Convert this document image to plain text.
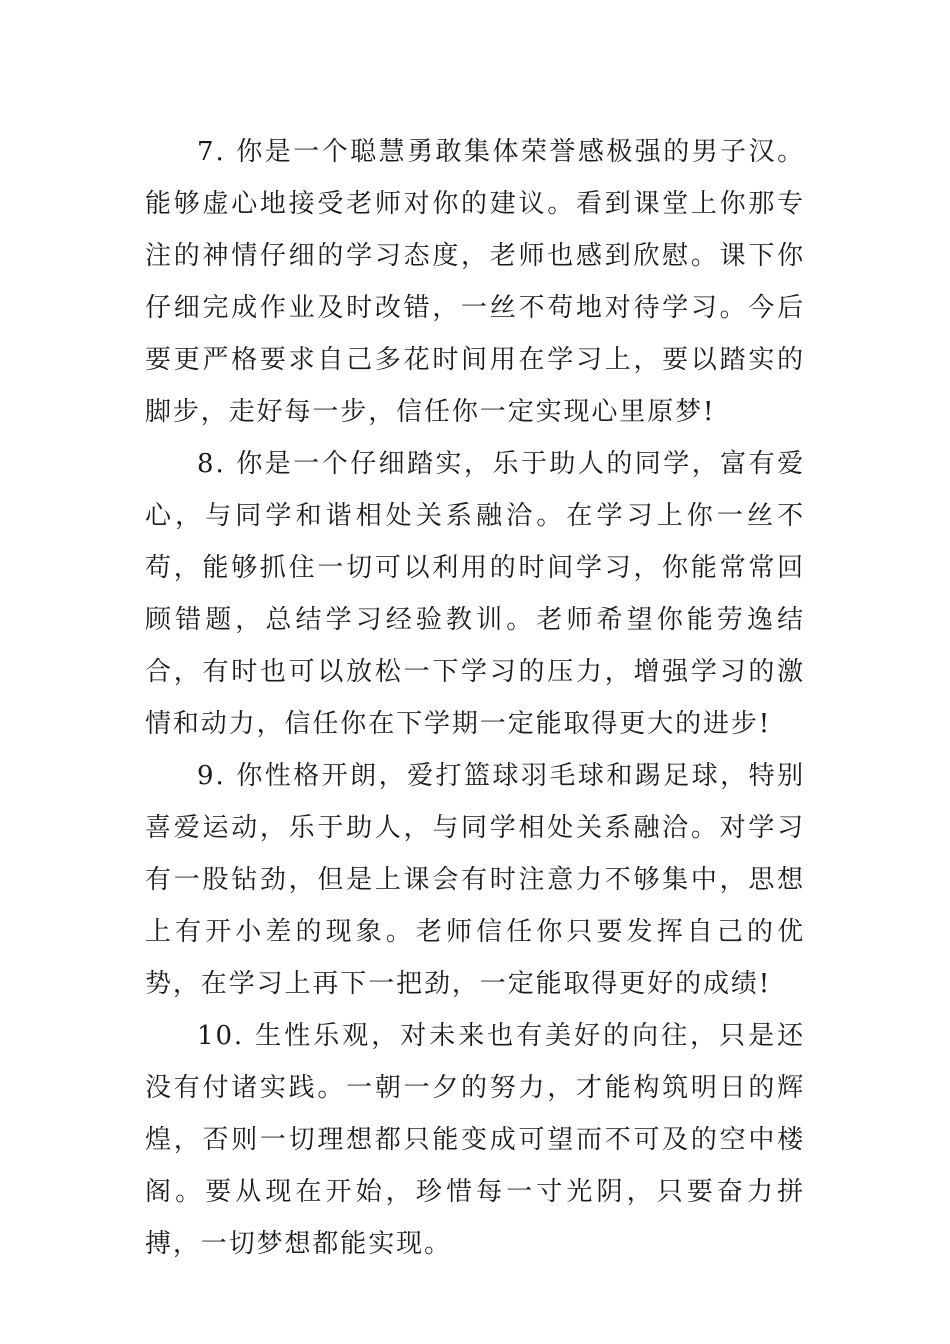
7. 你是一个聪慧勇敢集体荣誉感极强的男子汉。能够虚心地接受老师对你的建议。看到课堂上你那专注的神情仔细的学习态度，老师也感到欣慰。课下你仔细完成作业及时改错，一丝不苟地对待学习。今后要更严格要求自己多花时间用在学习上，要以踏实的脚步，走好每一步，信任你一定实现心里原梦!

8. 你是一个仔细踏实，乐于助人的同学，富有爱心，与同学和谐相处关系融洽。在学习上你一丝不苟，能够抓住一切可以利用的时间学习，你能常常回顾错题，总结学习经验教训。老师希望你能劳逸结合，有时也可以放松一下学习的压力，增强学习的激情和动力，信任你在下学期一定能取得更大的进步!

9. 你性格开朗，爱打篮球羽毛球和踢足球，特别喜爱运动，乐于助人，与同学相处关系融洽。对学习有一股钻劲，但是上课会有时注意力不够集中，思想上有开小差的现象。老师信任你只要发挥自己的优势，在学习上再下一把劲，一定能取得更好的成绩!

10. 生性乐观，对未来也有美好的向往，只是还没有付诸实践。一朝一夕的努力，才能构筑明日的辉煌，否则一切理想都只能变成可望而不可及的空中楼阁。要从现在开始，珍惜每一寸光阴，只要奋力拼搏，一切梦想都能实现。
